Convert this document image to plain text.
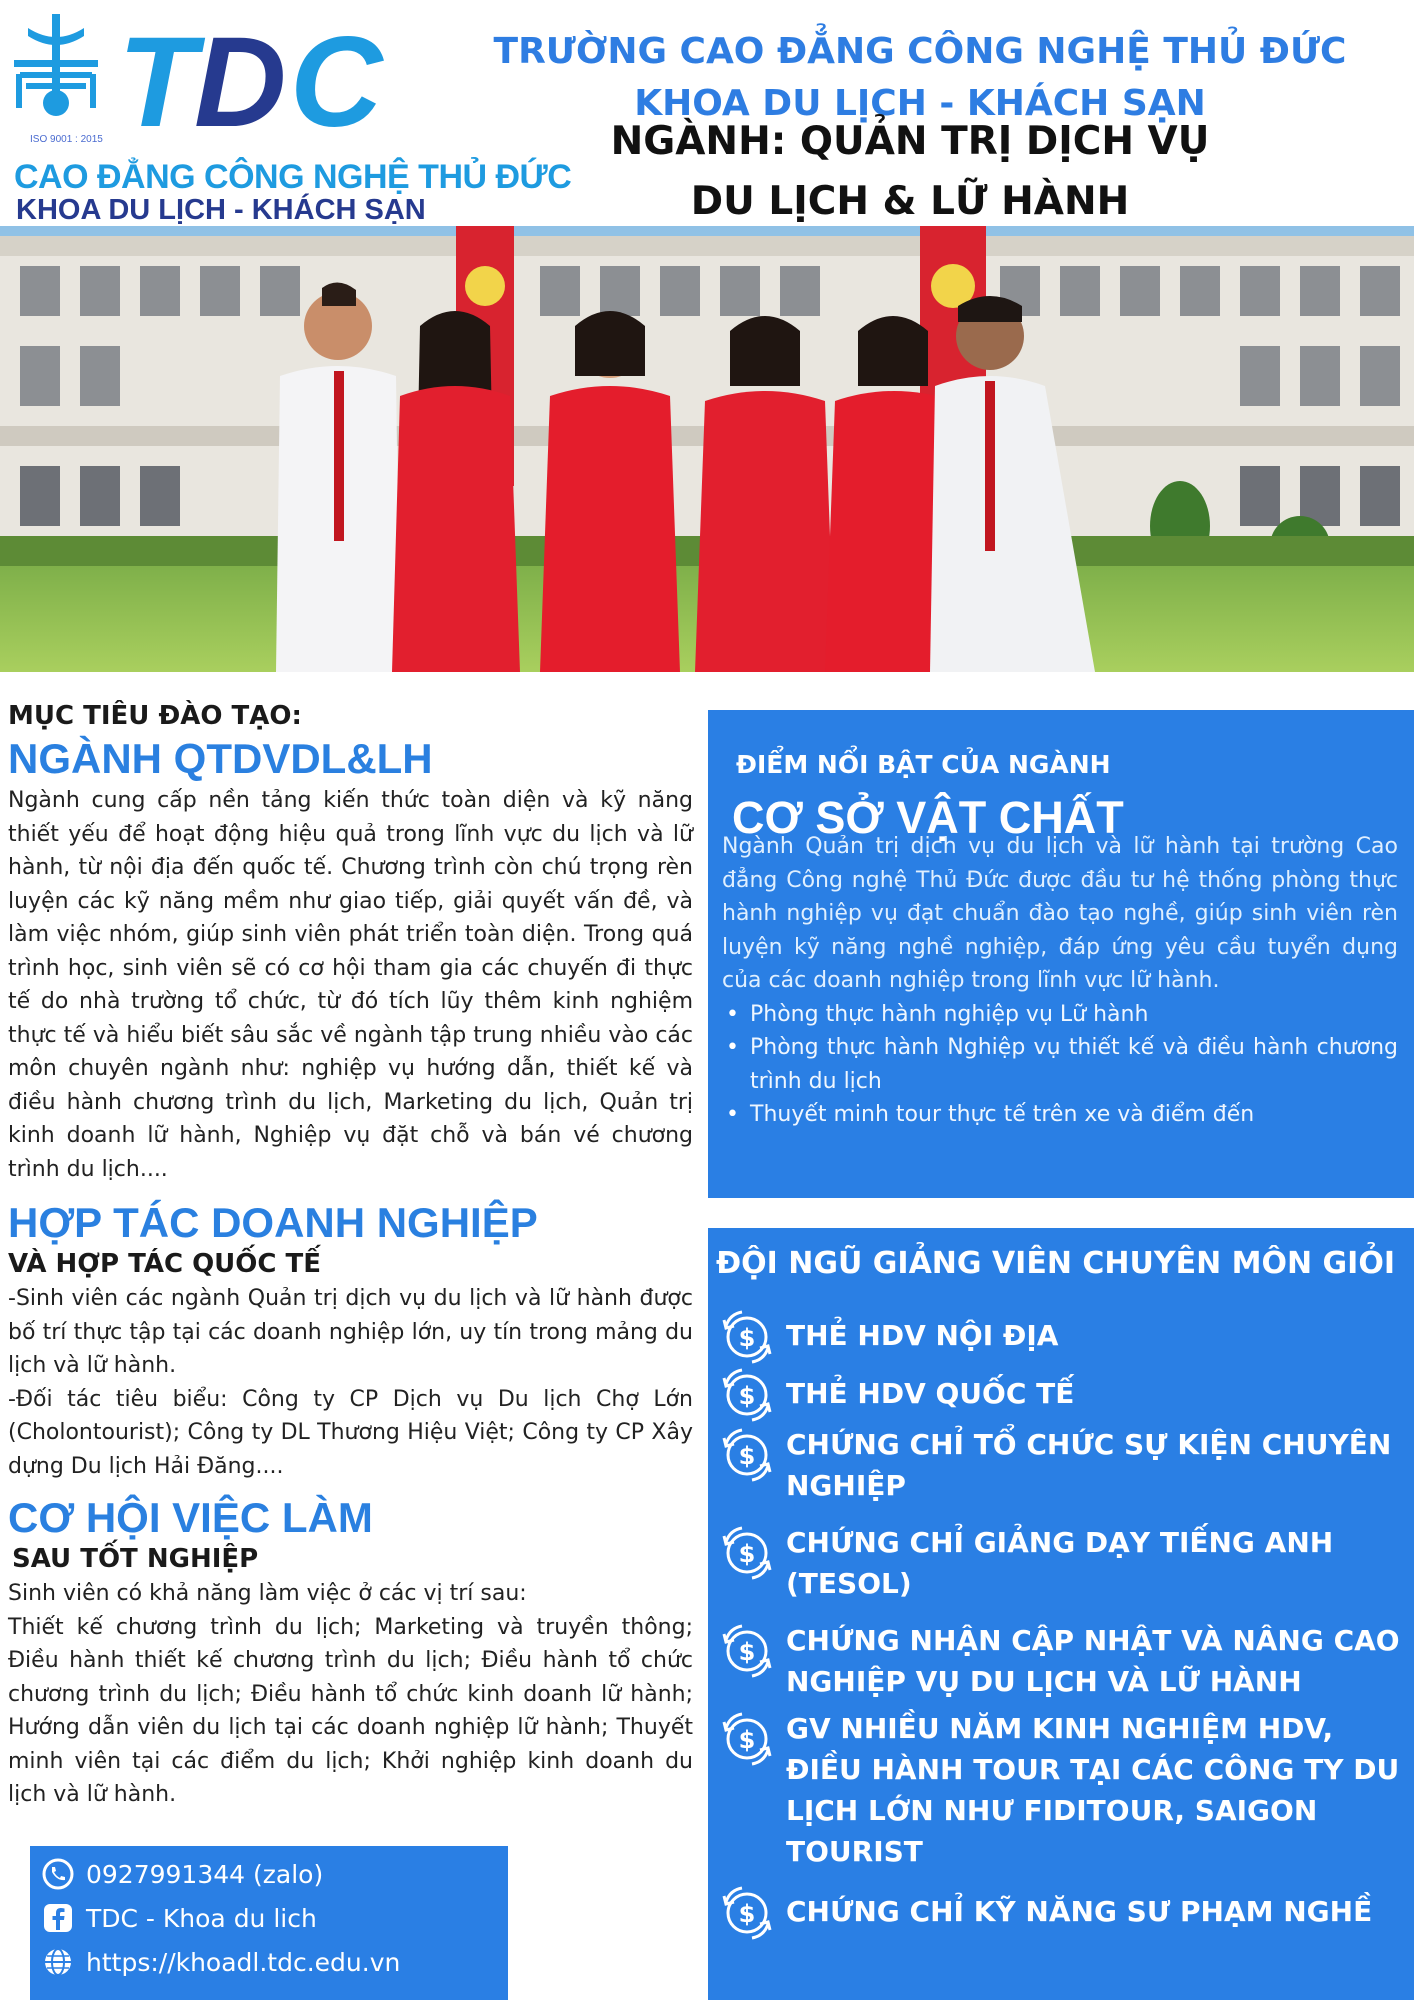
T
D C
ISO 9001 : 2015
CAO ĐẲNG CÔNG NGHỆ THỦ ĐỨC
KHOA DU LỊCH - KHÁCH SẠN
TRƯỜNG CAO ĐẲNG CÔNG NGHỆ THỦ ĐỨC
KHOA DU LỊCH - KHÁCH SẠN
NGÀNH: QUẢN TRỊ DỊCH VỤ
DU LỊCH & LỮ HÀNH
MỤC TIÊU ĐÀO TẠO:
NGÀNH QTDVDL&LH

Ngành cung cấp nền tảng kiến thức toàn diện và kỹ năng thiết yếu để hoạt động hiệu quả trong lĩnh vực du lịch và lữ hành, từ nội địa đến quốc tế. Chương trình còn chú trọng rèn luyện các kỹ năng mềm như giao tiếp, giải quyết vấn đề, và làm việc nhóm, giúp sinh viên phát triển toàn diện. Trong quá trình học, sinh viên sẽ có cơ hội tham gia các chuyến đi thực tế do nhà trường tổ chức, từ đó tích lũy thêm kinh nghiệm thực tế và hiểu biết sâu sắc về ngành tập trung nhiều vào các môn chuyên ngành như: nghiệp vụ hướng dẫn, thiết kế và điều hành chương trình du lịch, Marketing du lịch, Quản trị kinh doanh lữ hành, Nghiệp vụ đặt chỗ và bán vé chương trình du lịch....

HỢP TÁC DOANH NGHIỆP
VÀ HỢP TÁC QUỐC TẾ

-Sinh viên các ngành Quản trị dịch vụ du lịch và lữ hành được bố trí thực tập tại các doanh nghiệp lớn, uy tín trong mảng du lịch và lữ hành.

-Đối tác tiêu biểu: Công ty CP Dịch vụ Du lịch Chợ Lớn (Cholontourist); Công ty DL Thương Hiệu Việt; Công ty CP Xây dựng Du lịch Hải Đăng....

CƠ HỘI VIỆC LÀM
SAU TỐT NGHIỆP

Sinh viên có khả năng làm việc ở các vị trí sau:

Thiết kế chương trình du lịch; Marketing và truyền thông; Điều hành thiết kế chương trình du lịch; Điều hành tổ chức chương trình du lịch; Điều hành tổ chức kinh doanh lữ hành; Hướng dẫn viên du lịch tại các doanh nghiệp lữ hành; Thuyết minh viên tại các điểm du lịch; Khởi nghiệp kinh doanh du lịch và lữ hành.

ĐIỂM NỔI BẬT CỦA NGÀNH
CƠ SỞ VẬT CHẤT

Ngành Quản trị dịch vụ du lịch và lữ hành tại trường Cao đẳng Công nghệ Thủ Đức được đầu tư hệ thống phòng thực hành nghiệp vụ đạt chuẩn đào tạo nghề, giúp sinh viên rèn luyện kỹ năng nghề nghiệp, đáp ứng yêu cầu tuyển dụng của các doanh nghiệp trong lĩnh vực lữ hành.

• Phòng thực hành nghiệp vụ Lữ hành
• Phòng thực hành Nghiệp vụ thiết kế và điều hành chương trình du lịch
• Thuyết minh tour thực tế trên xe và điểm đến
ĐỘI NGŨ GIẢNG VIÊN CHUYÊN MÔN GIỎI
$ THẺ HDV NỘI ĐỊA
$ THẺ HDV QUỐC TẾ
$ CHỨNG CHỈ TỔ CHỨC SỰ KIỆN CHUYÊN NGHIỆP
$ CHỨNG CHỈ GIẢNG DẠY TIẾNG ANH (TESOL)
$ CHỨNG NHẬN CẬP NHẬT VÀ NÂNG CAO NGHIỆP VỤ DU LỊCH VÀ LỮ HÀNH
$ GV NHIỀU NĂM KINH NGHIỆM HDV, ĐIỀU HÀNH TOUR TẠI CÁC CÔNG TY DU LỊCH LỚN NHƯ FIDITOUR, SAIGON TOURIST
$ CHỨNG CHỈ KỸ NĂNG SƯ PHẠM NGHỀ
0927991344 (zalo)
TDC - Khoa du lich
https://khoadl.tdc.edu.vn
